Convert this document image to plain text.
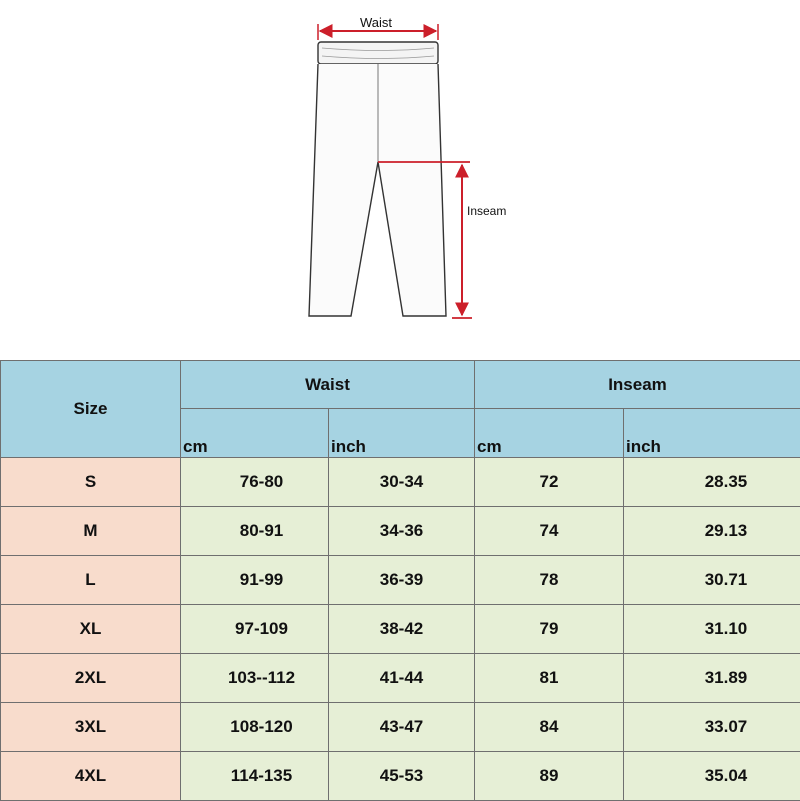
Waist
Inseam
Size	Waist		Inseam	
	cm	inch	cm	inch
S	76-80	30-34	72	28.35
M	80-91	34-36	74	29.13
L	91-99	36-39	78	30.71
XL	97-109	38-42	79	31.10
2XL	103--112	41-44	81	31.89
3XL	108-120	43-47	84	33.07
4XL	114-135	45-53	89	35.04
